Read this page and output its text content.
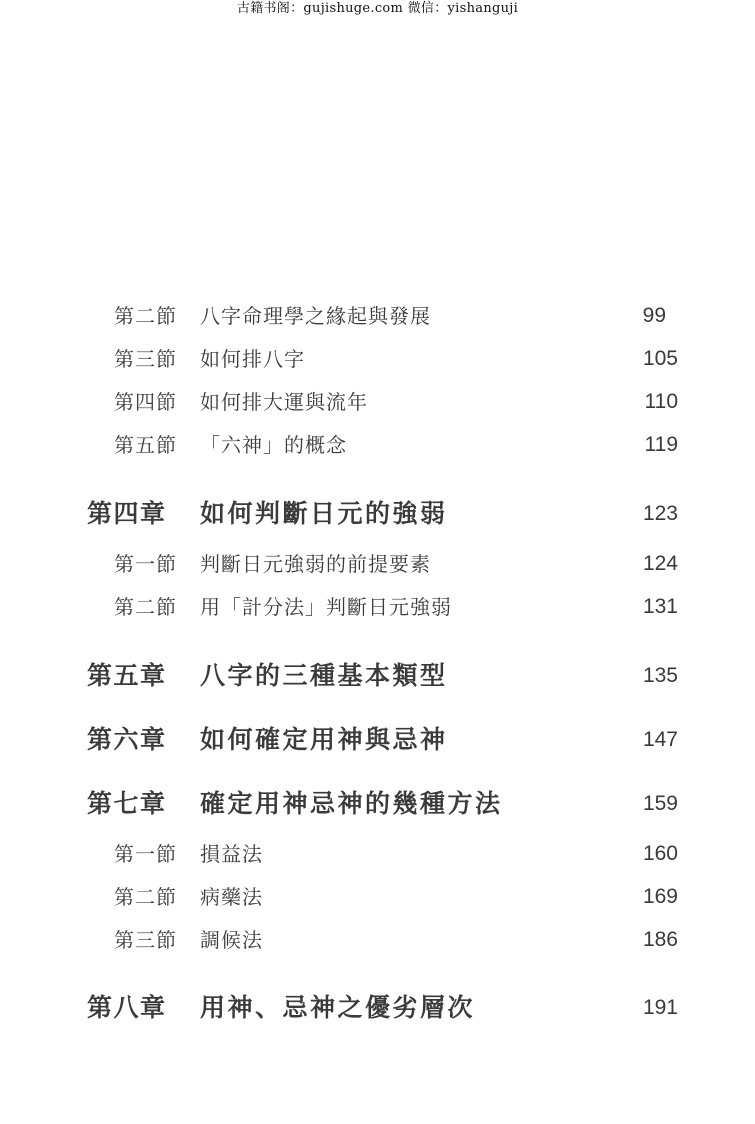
古籍书阁：gujishuge.com 微信：yishanguji
第二節 八字命理學之緣起與發展	99
第三節 如何排八字	105
第四節 如何排大運與流年	110
第五節 「六神」的概念	119
第四章 如何判斷日元的強弱	123
第一節 判斷日元強弱的前提要素	124
第二節 用「計分法」判斷日元強弱	131
第五章 八字的三種基本類型	135
第六章 如何確定用神與忌神	147
第七章 確定用神忌神的幾種方法	159
第一節 損益法	160
第二節 病藥法	169
第三節 調候法	186
第八章 用神、忌神之優劣層次	191
